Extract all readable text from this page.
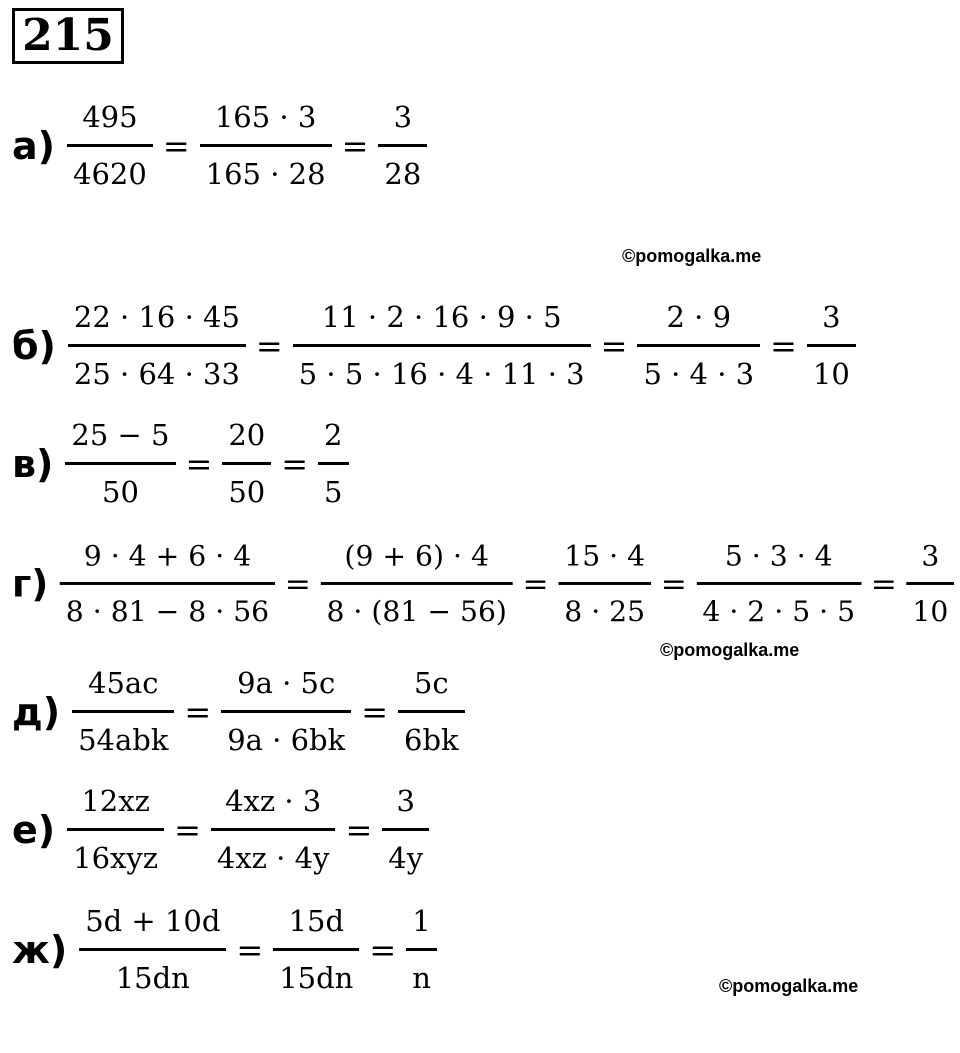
215
©pomogalka.me
©pomogalka.me
©pomogalka.me
$а) \frac{495}{4620} = \frac{165 \cdot 3}{165 \cdot 28} = \frac{3}{28}$
$б) \frac{22 \cdot 16 \cdot 45}{25 \cdot 64 \cdot 33} = \frac{11 \cdot 2 \cdot 16 \cdot 9 \cdot 5}{5 \cdot 5 \cdot 16 \cdot 4 \cdot 11 \cdot 3} = \frac{2 \cdot 9}{5 \cdot 4 \cdot 3} = \frac{3}{10}$
$в) \frac{25 - 5}{50} = \frac{20}{50} = \frac{2}{5}$
$г) \frac{9 \cdot 4 + 6 \cdot 4}{8 \cdot 81 - 8 \cdot 56} = \frac{(9 + 6) \cdot 4}{8 \cdot (81 - 56)} = \frac{15 \cdot 4}{8 \cdot 25} = \frac{5 \cdot 3 \cdot 4}{4 \cdot 2 \cdot 5 \cdot 5} = \frac{3}{10}$
$д) \frac{45ac}{\text{54abk}} = \frac{9a \cdot 5c}{9a \cdot 6bk} = \frac{5c}{6bk}$
$е) \frac{12xz}{\text{16xyz}} = \frac{4xz \cdot 3}{4xz \cdot 4y} = \frac{3}{4y}$
$ж) \frac{5d + 10d}{15dn} = \frac{15d}{15dn} = \frac{1}{n}$
